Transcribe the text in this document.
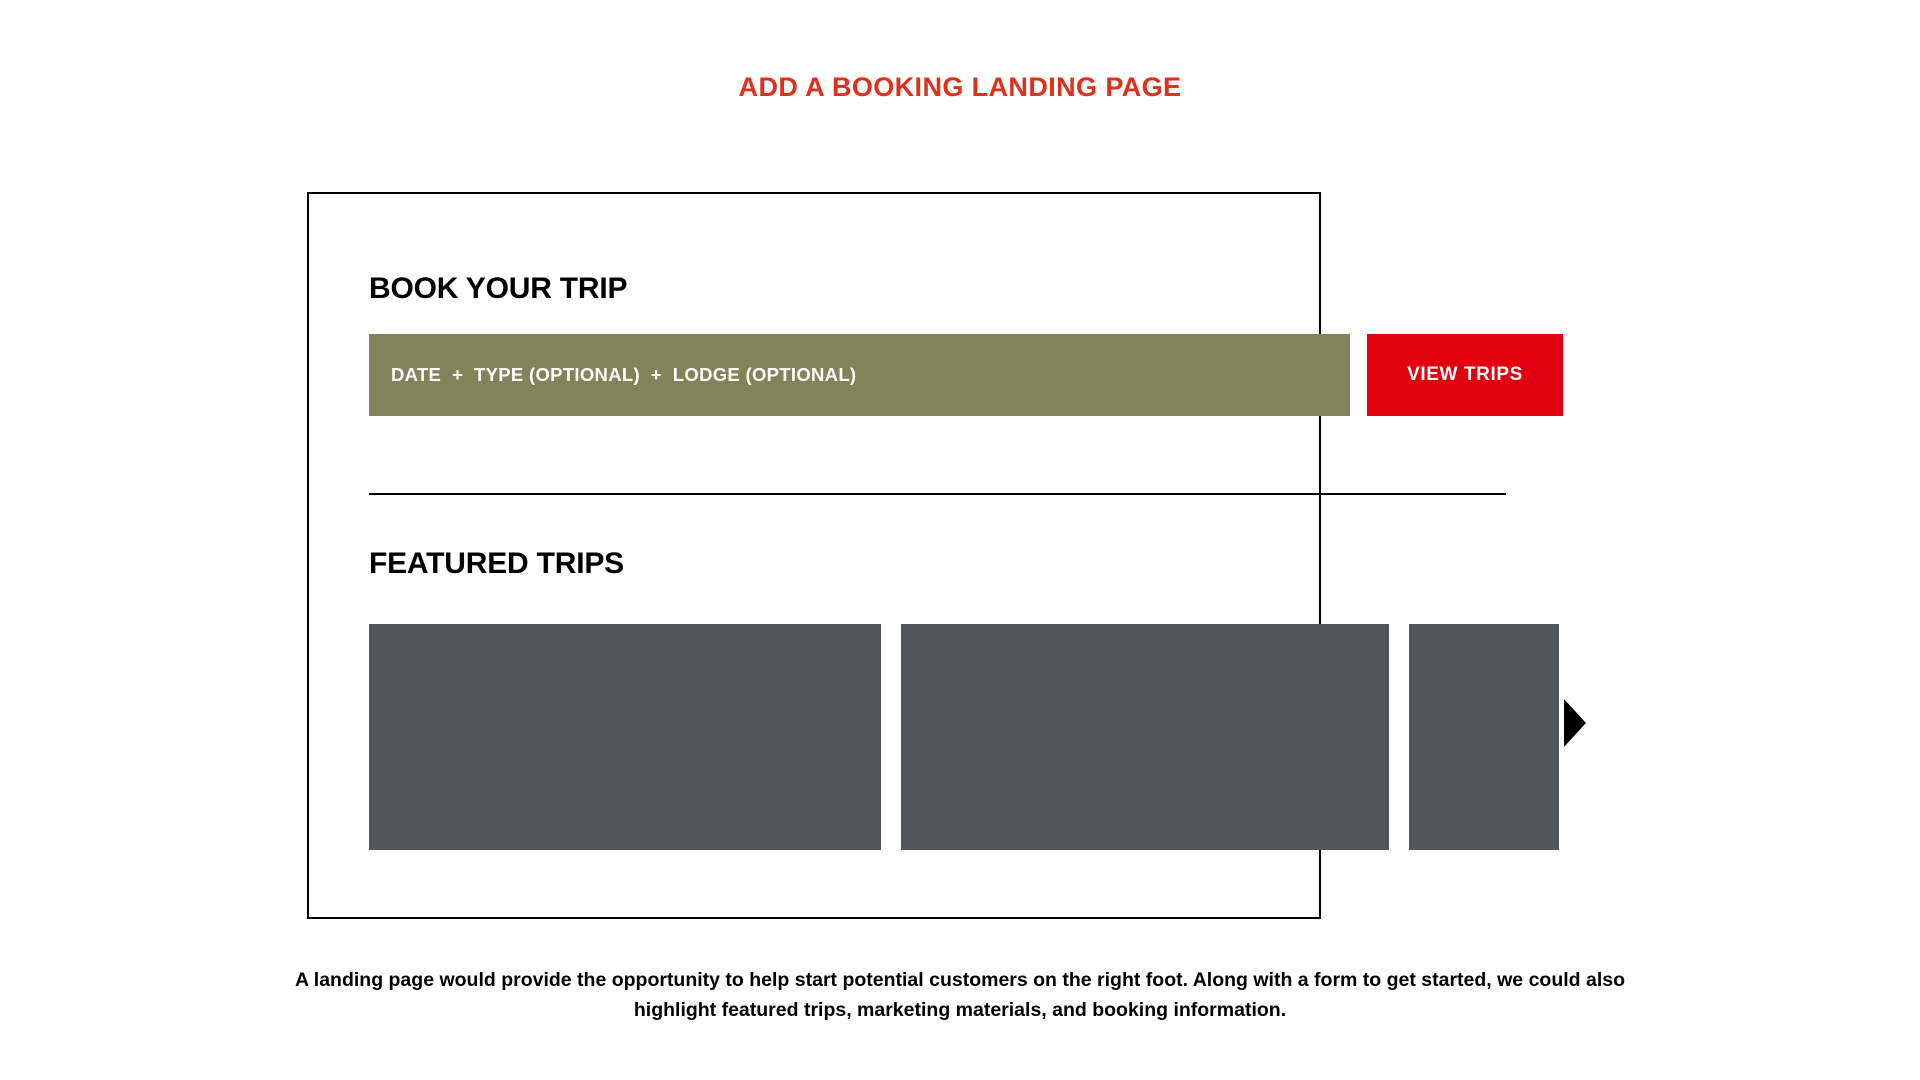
ADD A BOOKING LANDING PAGE
BOOK YOUR TRIP
DATE  +  TYPE (OPTIONAL)  +  LODGE (OPTIONAL)	VIEW TRIPS
FEATURED TRIPS
A landing page would provide the opportunity to help start potential customers on the right foot. Along with a form to get started, we could also highlight featured trips, marketing materials, and booking information.
